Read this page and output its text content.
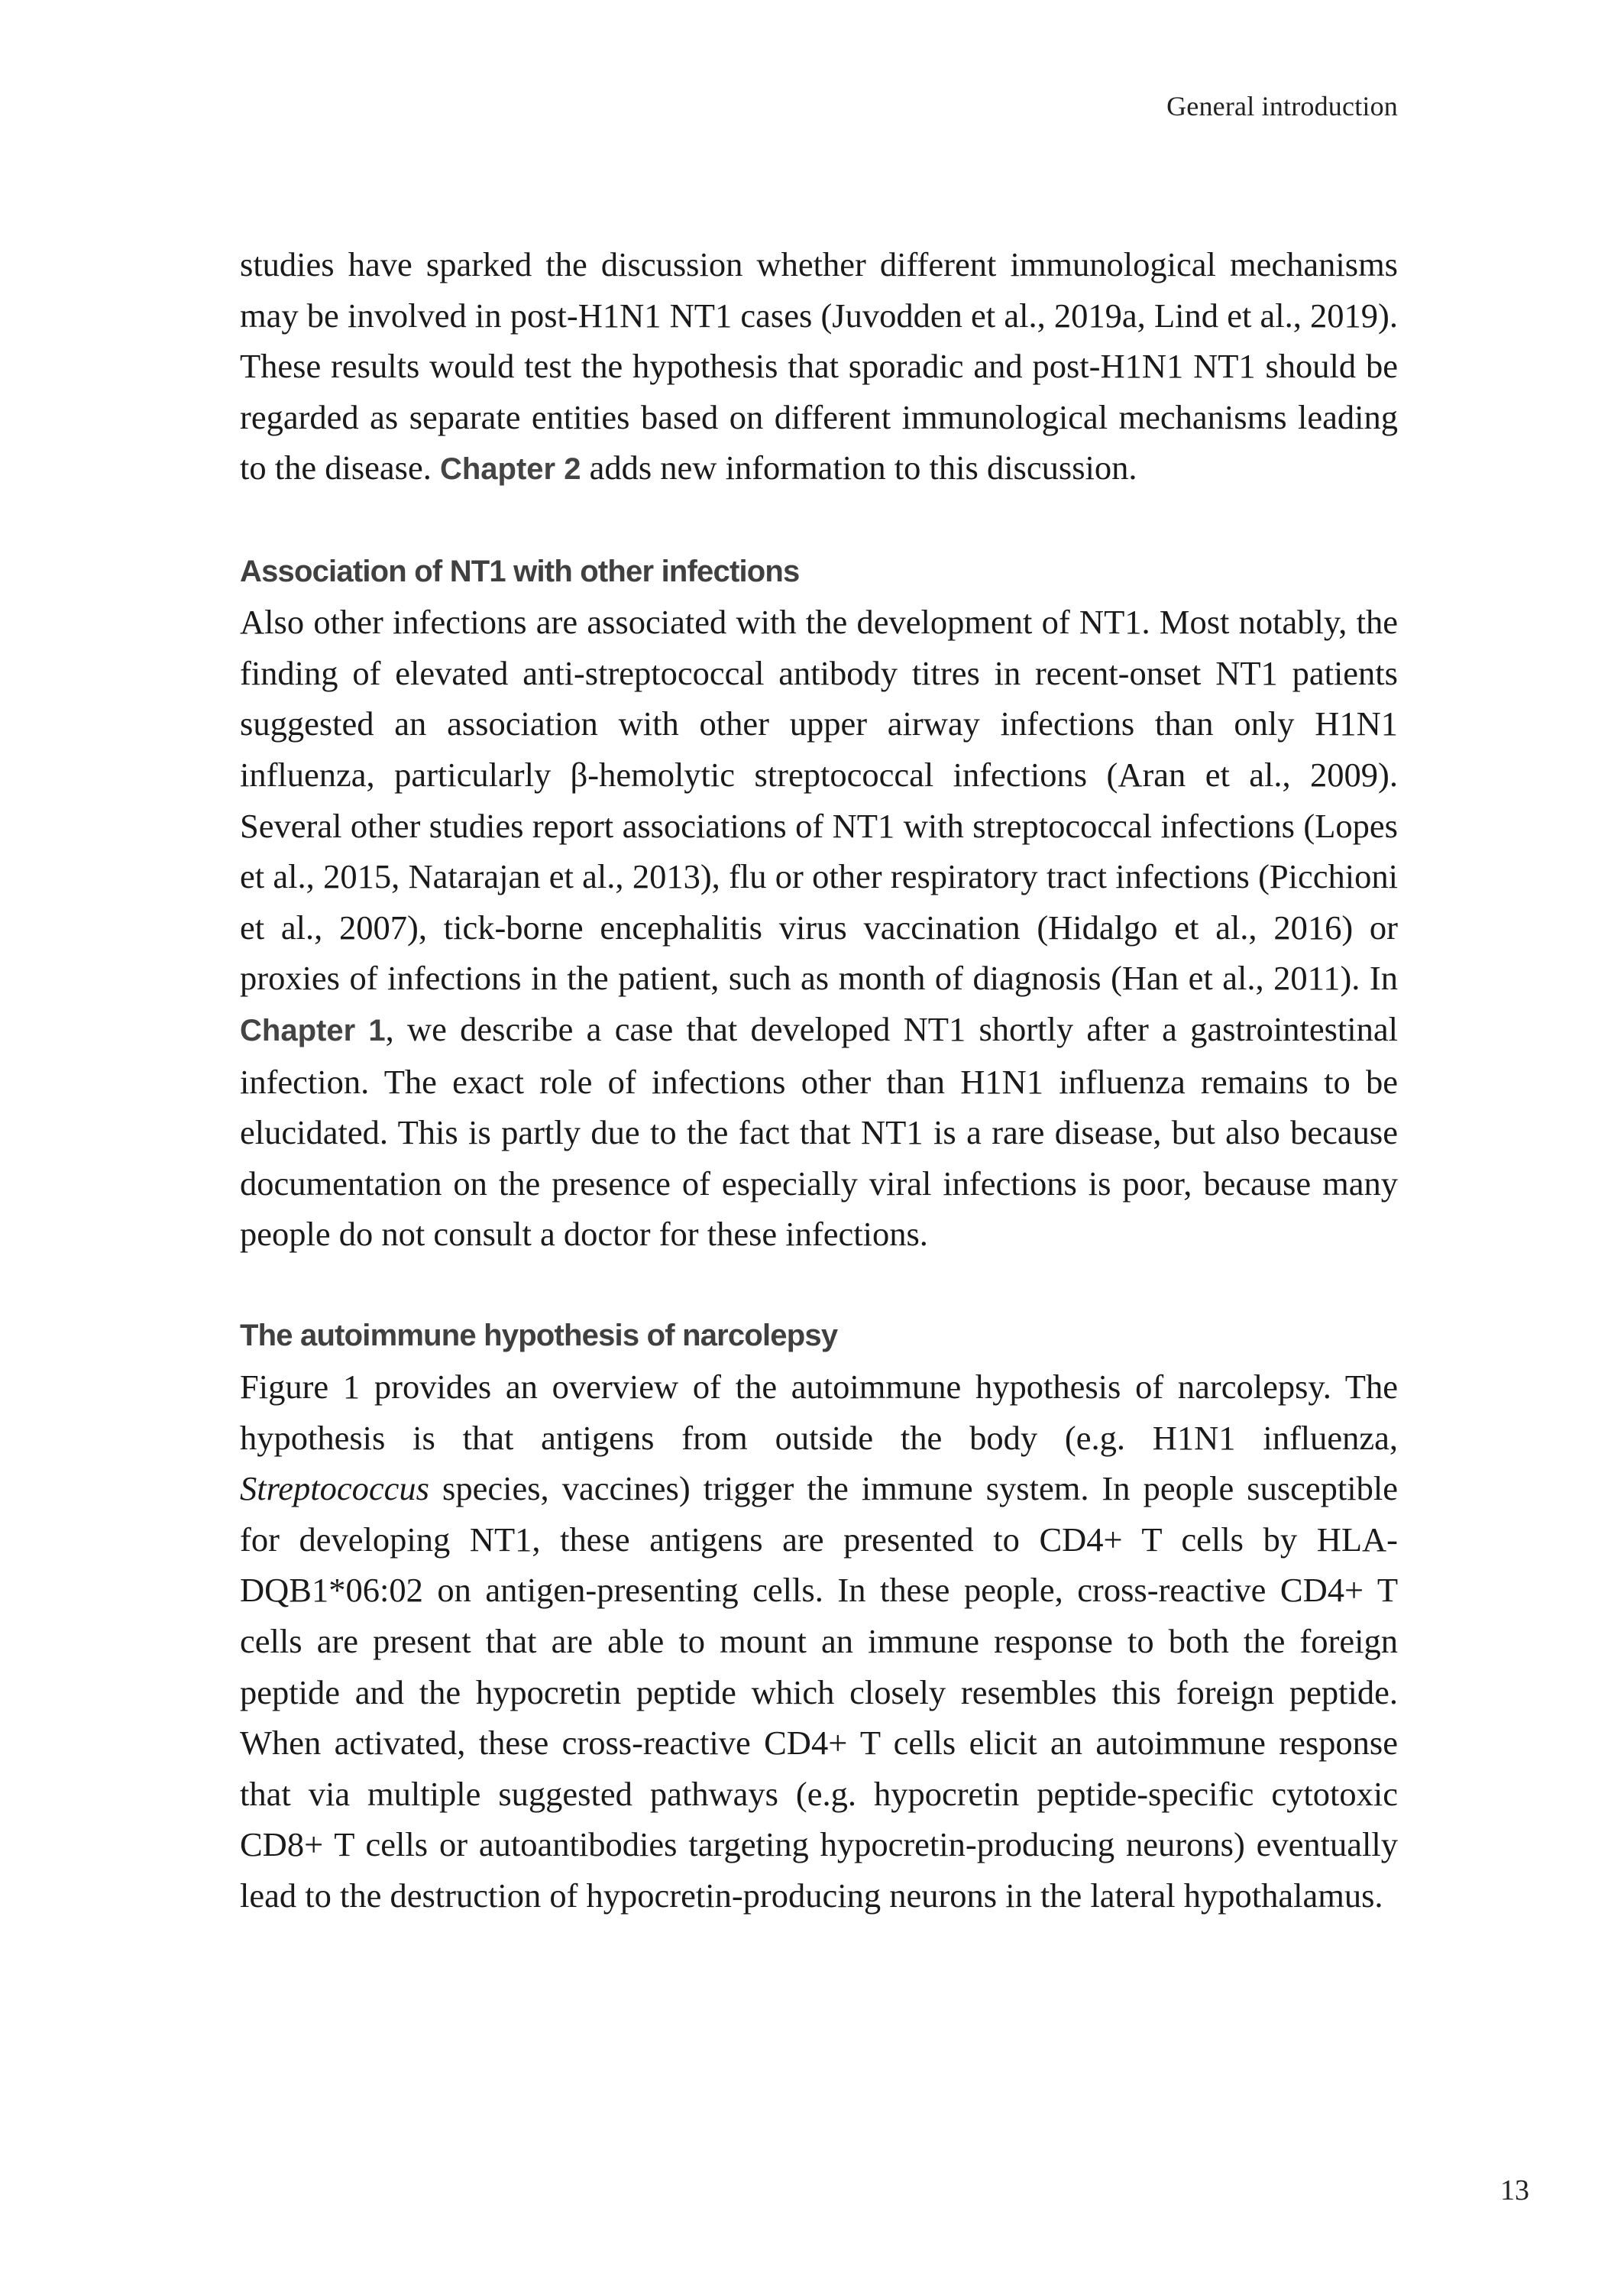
General introduction

studies have sparked the discussion whether different immunological mechanisms may be involved in post-H1N1 NT1 cases (Juvodden et al., 2019a, Lind et al., 2019). These results would test the hypothesis that sporadic and post-H1N1 NT1 should be regarded as separate entities based on different immunological mechanisms leading to the disease. Chapter 2 adds new information to this discussion.

Association of NT1 with other infections

Also other infections are associated with the development of NT1. Most notably, the finding of elevated anti-streptococcal antibody titres in recent-onset NT1 patients suggested an association with other upper airway infections than only H1N1 influenza, particularly β-hemolytic streptococcal infections (Aran et al., 2009). Several other studies report associations of NT1 with streptococcal infections (Lopes et al., 2015, Natarajan et al., 2013), flu or other respiratory tract infections (Picchioni et al., 2007), tick-borne encephalitis virus vaccination (Hidalgo et al., 2016) or proxies of infections in the patient, such as month of diagnosis (Han et al., 2011). In Chapter 1, we describe a case that developed NT1 shortly after a gastrointestinal infection. The exact role of infections other than H1N1 influenza remains to be elucidated. This is partly due to the fact that NT1 is a rare disease, but also because documentation on the presence of especially viral infections is poor, because many people do not consult a doctor for these infections.

The autoimmune hypothesis of narcolepsy

Figure 1 provides an overview of the autoimmune hypothesis of narcolepsy. The hypothesis is that antigens from outside the body (e.g. H1N1 influenza, Streptococcus species, vaccines) trigger the immune system. In people susceptible for developing NT1, these antigens are presented to CD4+ T cells by HLA-DQB1*06:02 on antigen-presenting cells. In these people, cross-reactive CD4+ T cells are present that are able to mount an immune response to both the foreign peptide and the hypocretin peptide which closely resembles this foreign peptide. When activated, these cross-reactive CD4+ T cells elicit an autoimmune response that via multiple suggested pathways (e.g. hypocretin peptide-specific cytotoxic CD8+ T cells or autoantibodies targeting hypocretin-producing neurons) eventually lead to the destruction of hypocretin-producing neurons in the lateral hypothalamus.

13
